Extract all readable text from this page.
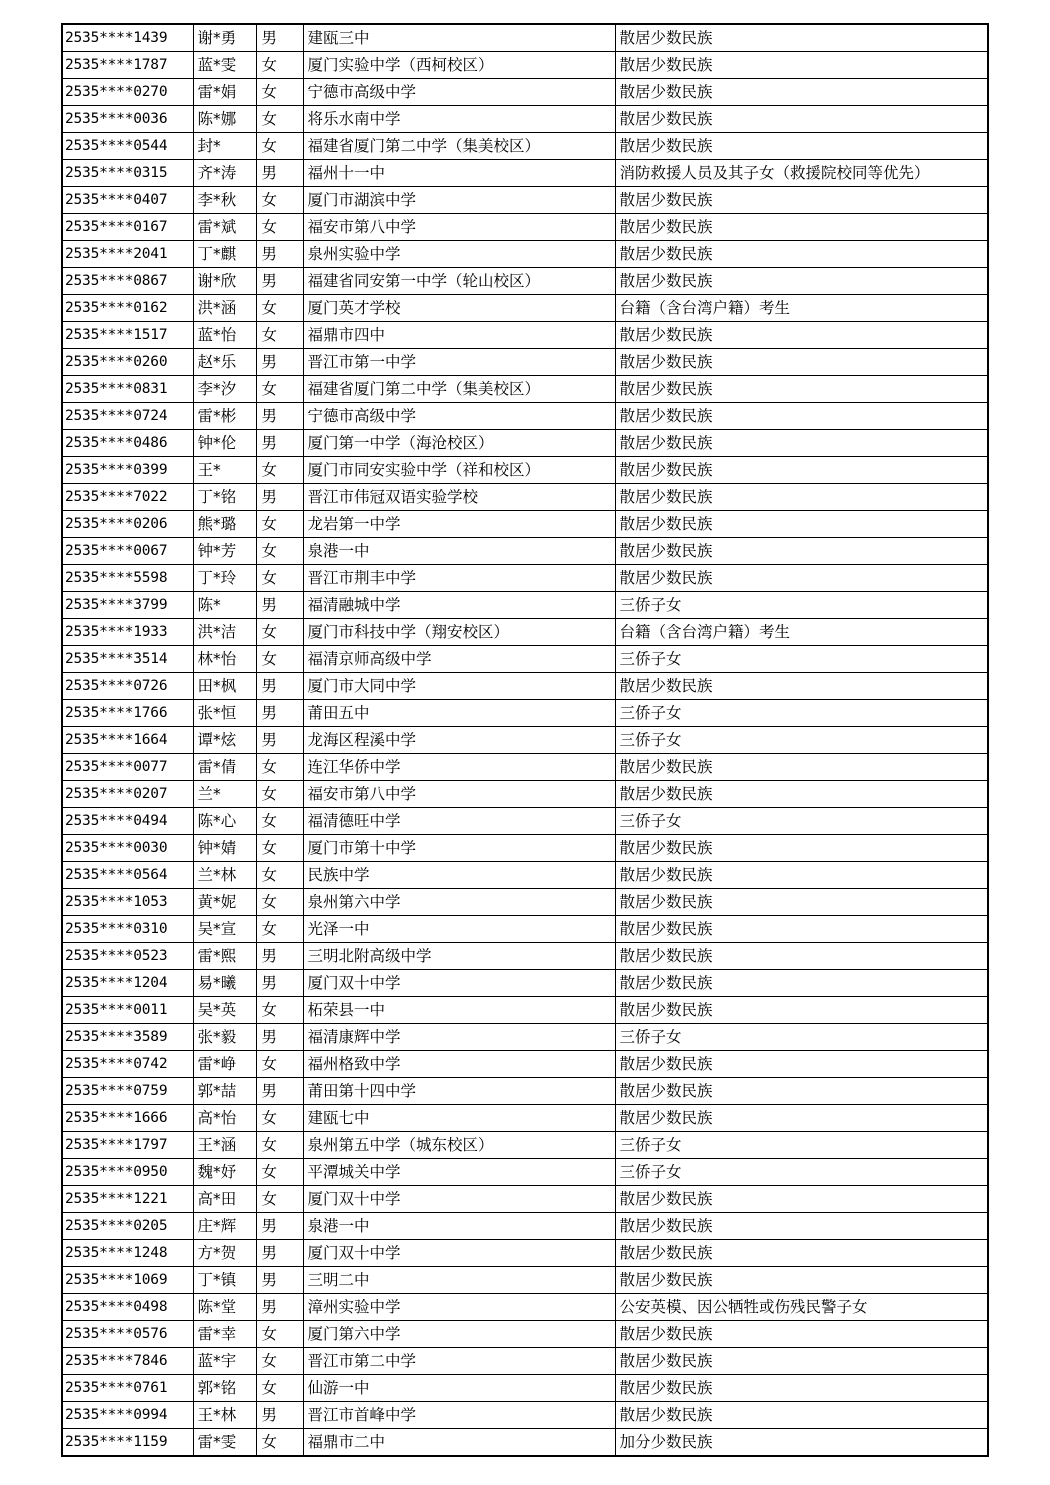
2535****1439	谢*勇	男	建瓯三中	散居少数民族
2535****1787	蓝*雯	女	厦门实验中学（西柯校区）	散居少数民族
2535****0270	雷*娟	女	宁德市高级中学	散居少数民族
2535****0036	陈*娜	女	将乐水南中学	散居少数民族
2535****0544	封*	女	福建省厦门第二中学（集美校区）	散居少数民族
2535****0315	齐*涛	男	福州十一中	消防救援人员及其子女（救援院校同等优先）
2535****0407	李*秋	女	厦门市湖滨中学	散居少数民族
2535****0167	雷*斌	女	福安市第八中学	散居少数民族
2535****2041	丁*麒	男	泉州实验中学	散居少数民族
2535****0867	谢*欣	男	福建省同安第一中学（轮山校区）	散居少数民族
2535****0162	洪*涵	女	厦门英才学校	台籍（含台湾户籍）考生
2535****1517	蓝*怡	女	福鼎市四中	散居少数民族
2535****0260	赵*乐	男	晋江市第一中学	散居少数民族
2535****0831	李*汐	女	福建省厦门第二中学（集美校区）	散居少数民族
2535****0724	雷*彬	男	宁德市高级中学	散居少数民族
2535****0486	钟*伦	男	厦门第一中学（海沧校区）	散居少数民族
2535****0399	王*	女	厦门市同安实验中学（祥和校区）	散居少数民族
2535****7022	丁*铭	男	晋江市伟冠双语实验学校	散居少数民族
2535****0206	熊*璐	女	龙岩第一中学	散居少数民族
2535****0067	钟*芳	女	泉港一中	散居少数民族
2535****5598	丁*玲	女	晋江市荆丰中学	散居少数民族
2535****3799	陈*	男	福清融城中学	三侨子女
2535****1933	洪*洁	女	厦门市科技中学（翔安校区）	台籍（含台湾户籍）考生
2535****3514	林*怡	女	福清京师高级中学	三侨子女
2535****0726	田*枫	男	厦门市大同中学	散居少数民族
2535****1766	张*恒	男	莆田五中	三侨子女
2535****1664	谭*炫	男	龙海区程溪中学	三侨子女
2535****0077	雷*倩	女	连江华侨中学	散居少数民族
2535****0207	兰*	女	福安市第八中学	散居少数民族
2535****0494	陈*心	女	福清德旺中学	三侨子女
2535****0030	钟*婧	女	厦门市第十中学	散居少数民族
2535****0564	兰*林	女	民族中学	散居少数民族
2535****1053	黄*妮	女	泉州第六中学	散居少数民族
2535****0310	吴*宣	女	光泽一中	散居少数民族
2535****0523	雷*熙	男	三明北附高级中学	散居少数民族
2535****1204	易*曦	男	厦门双十中学	散居少数民族
2535****0011	吴*英	女	柘荣县一中	散居少数民族
2535****3589	张*毅	男	福清康辉中学	三侨子女
2535****0742	雷*峥	女	福州格致中学	散居少数民族
2535****0759	郭*喆	男	莆田第十四中学	散居少数民族
2535****1666	高*怡	女	建瓯七中	散居少数民族
2535****1797	王*涵	女	泉州第五中学（城东校区）	三侨子女
2535****0950	魏*妤	女	平潭城关中学	三侨子女
2535****1221	高*田	女	厦门双十中学	散居少数民族
2535****0205	庄*辉	男	泉港一中	散居少数民族
2535****1248	方*贺	男	厦门双十中学	散居少数民族
2535****1069	丁*镇	男	三明二中	散居少数民族
2535****0498	陈*堂	男	漳州实验中学	公安英模、因公牺牲或伤残民警子女
2535****0576	雷*幸	女	厦门第六中学	散居少数民族
2535****7846	蓝*宇	女	晋江市第二中学	散居少数民族
2535****0761	郭*铭	女	仙游一中	散居少数民族
2535****0994	王*林	男	晋江市首峰中学	散居少数民族
2535****1159	雷*雯	女	福鼎市二中	加分少数民族
